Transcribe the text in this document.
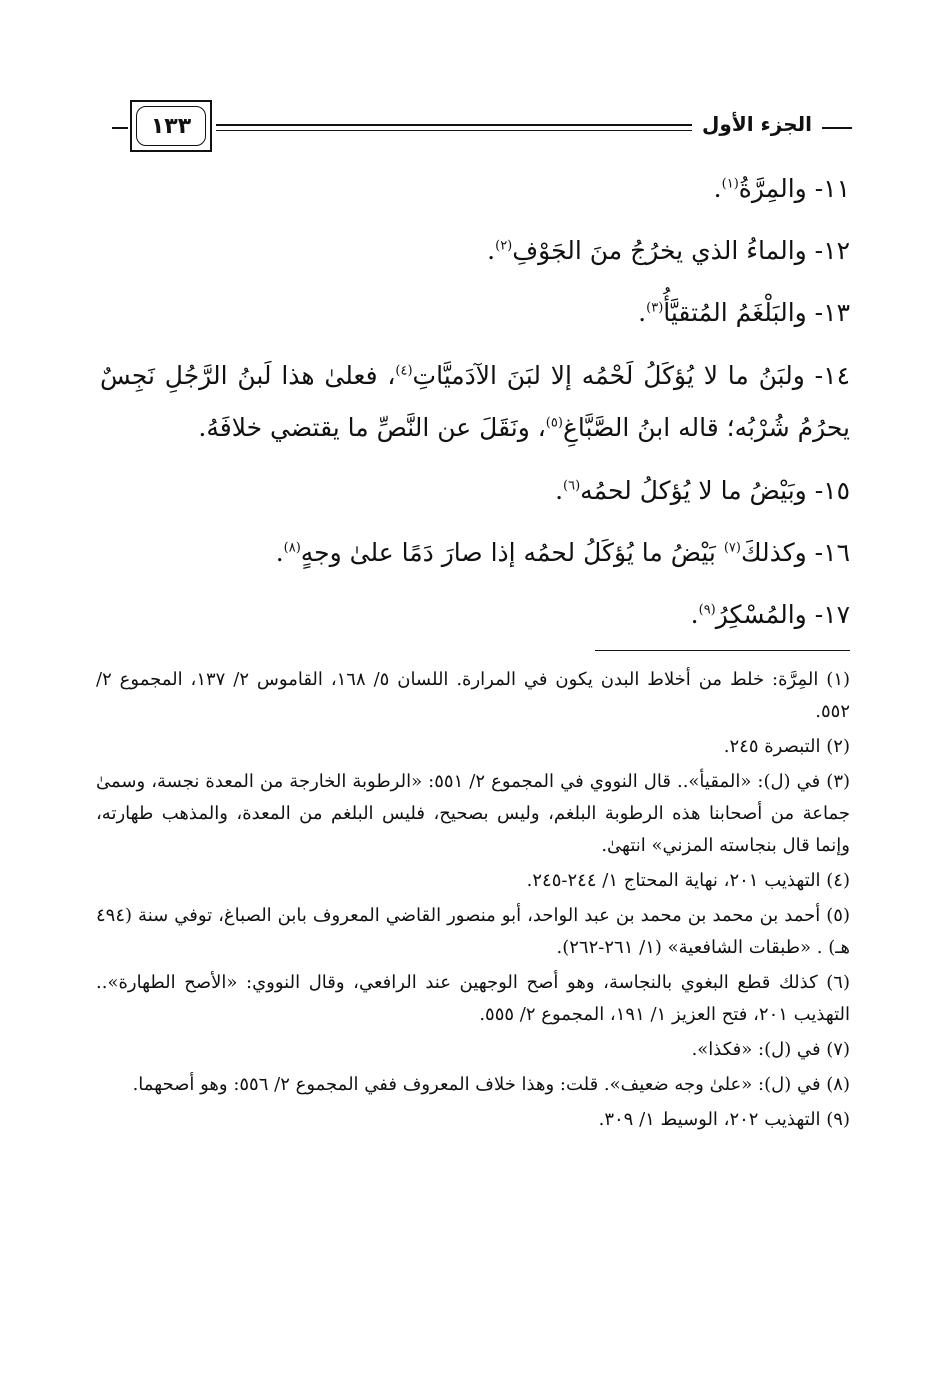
الجزء الأول
١٣٣
١١- والمِرَّةُ$^{(١)}$.
١٢- والماءُ الذي يخرُجُ منَ الجَوْفِ$^{(٢)}$.
١٣- والبَلْغَمُ المُتقيَّأُ$^{(٣)}$.
١٤- ولبَنُ ما لا يُؤكَلُ لَحْمُه إلا لبَنَ الآدَميَّاتِ$^{(٤)}$، فعلىٰ هذا لَبنُ الرَّجُلِ نَجِسٌ يحرُمُ شُرْبُه؛ قاله ابنُ الصَّبَّاغِ$^{(٥)}$، ونَقَلَ عن النَّصِّ ما يقتضي خلافَهُ.
١٥- وبَيْضُ ما لا يُؤكلُ لحمُه$^{(٦)}$.
١٦- وكذلكَ$^{(٧)}$ بَيْضُ ما يُؤكَلُ لحمُه إذا صارَ دَمًا علىٰ وجهٍ$^{(٨)}$.
١٧- والمُسْكِرُ$^{(٩)}$.
(١) المِرَّة: خلط من أخلاط البدن يكون في المرارة. اللسان ٥/ ١٦٨، القاموس ٢/ ١٣٧، المجموع ٢/ ٥٥٢.
(٢) التبصرة ٢٤٥.
(٣) في (ل): «المقيأ».. قال النووي في المجموع ٢/ ٥٥١: «الرطوبة الخارجة من المعدة نجسة، وسمىٰ جماعة من أصحابنا هذه الرطوبة البلغم، وليس بصحيح، فليس البلغم من المعدة، والمذهب طهارته، وإنما قال بنجاسته المزني» انتهىٰ.
(٤) التهذيب ٢٠١، نهاية المحتاج ١/ ٢٤٤-٢٤٥.
(٥) أحمد بن محمد بن محمد بن عبد الواحد، أبو منصور القاضي المعروف بابن الصباغ، توفي سنة (٤٩٤ هـ) . «طبقات الشافعية» (١/ ٢٦١-٢٦٢).
(٦) كذلك قطع البغوي بالنجاسة، وهو أصح الوجهين عند الرافعي، وقال النووي: «الأصح الطهارة».. التهذيب ٢٠١، فتح العزيز ١/ ١٩١، المجموع ٢/ ٥٥٥.
(٧) في (ل): «فكذا».
(٨) في (ل): «علىٰ وجه ضعيف». قلت: وهذا خلاف المعروف ففي المجموع ٢/ ٥٥٦: وهو أصحهما.
(٩) التهذيب ٢٠٢، الوسيط ١/ ٣٠٩.
